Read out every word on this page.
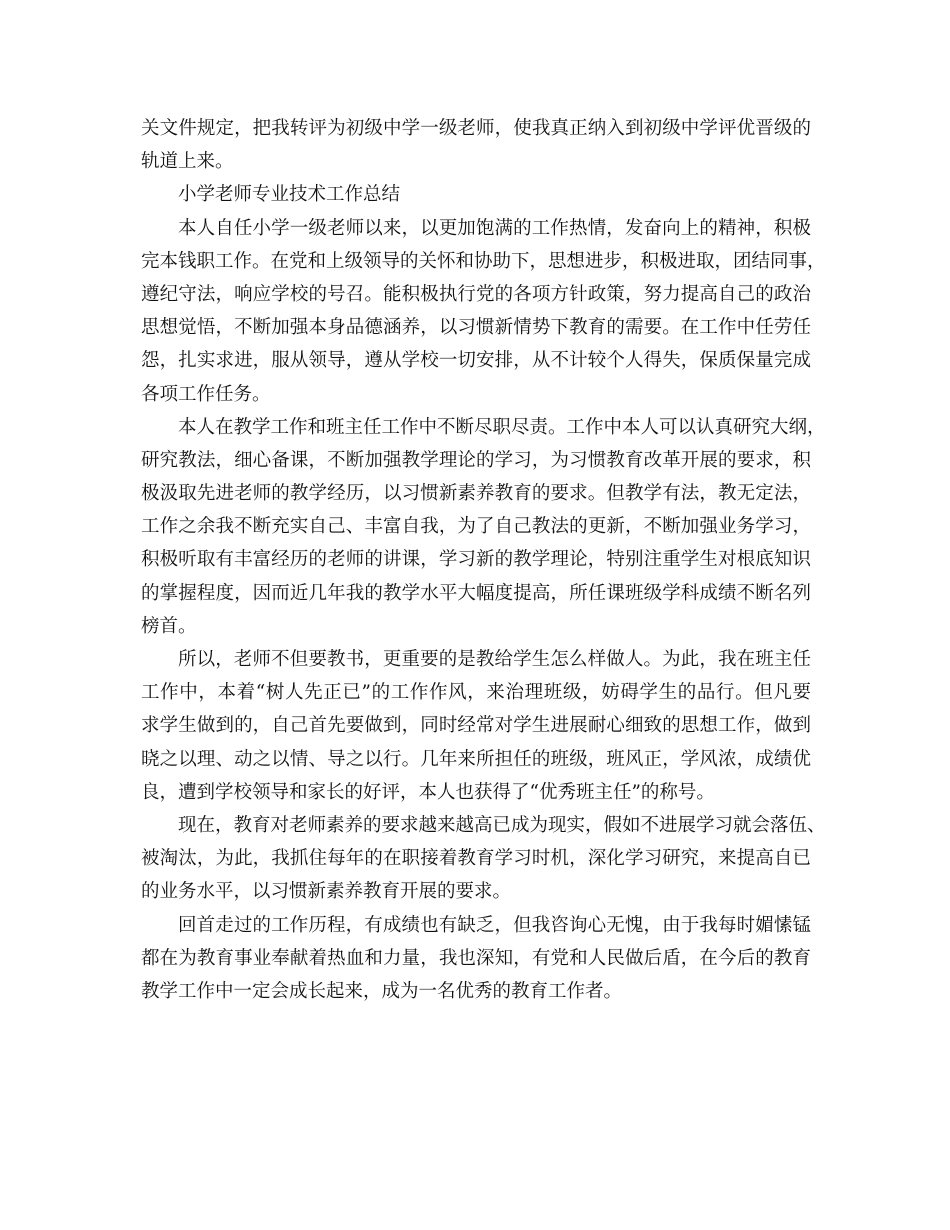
关文件规定，把我转评为初级中学一级老师，使我真正纳入到初级中学评优晋级的
轨道上来。
小学老师专业技术工作总结
本人自任小学一级老师以来，以更加饱满的工作热情，发奋向上的精神，积极
完本钱职工作。在党和上级领导的关怀和协助下，思想进步，积极进取，团结同事，
遵纪守法，响应学校的号召。能积极执行党的各项方针政策，努力提高自己的政治
思想觉悟，不断加强本身品德涵养，以习惯新情势下教育的需要。在工作中任劳任
怨，扎实求进，服从领导，遵从学校一切安排，从不计较个人得失，保质保量完成
各项工作任务。
本人在教学工作和班主任工作中不断尽职尽责。工作中本人可以认真研究大纲，
研究教法，细心备课，不断加强教学理论的学习，为习惯教育改革开展的要求，积
极汲取先进老师的教学经历，以习惯新素养教育的要求。但教学有法，教无定法，
工作之余我不断充实自己、丰富自我，为了自己教法的更新，不断加强业务学习，
积极听取有丰富经历的老师的讲课，学习新的教学理论，特别注重学生对根底知识
的掌握程度，因而近几年我的教学水平大幅度提高，所任课班级学科成绩不断名列
榜首。
所以，老师不但要教书，更重要的是教给学生怎么样做人。为此，我在班主任
工作中，本着“树人先正已”的工作作风，来治理班级，妨碍学生的品行。但凡要
求学生做到的，自己首先要做到，同时经常对学生进展耐心细致的思想工作，做到
晓之以理、动之以情、导之以行。几年来所担任的班级，班风正，学风浓，成绩优
良，遭到学校领导和家长的好评，本人也获得了“优秀班主任”的称号。
现在，教育对老师素养的要求越来越高已成为现实，假如不进展学习就会落伍、
被淘汰，为此，我抓住每年的在职接着教育学习时机，深化学习研究，来提高自已
的业务水平，以习惯新素养教育开展的要求。
回首走过的工作历程，有成绩也有缺乏，但我咨询心无愧，由于我每时媚愫锰
都在为教育事业奉献着热血和力量，我也深知，有党和人民做后盾，在今后的教育
教学工作中一定会成长起来，成为一名优秀的教育工作者。
